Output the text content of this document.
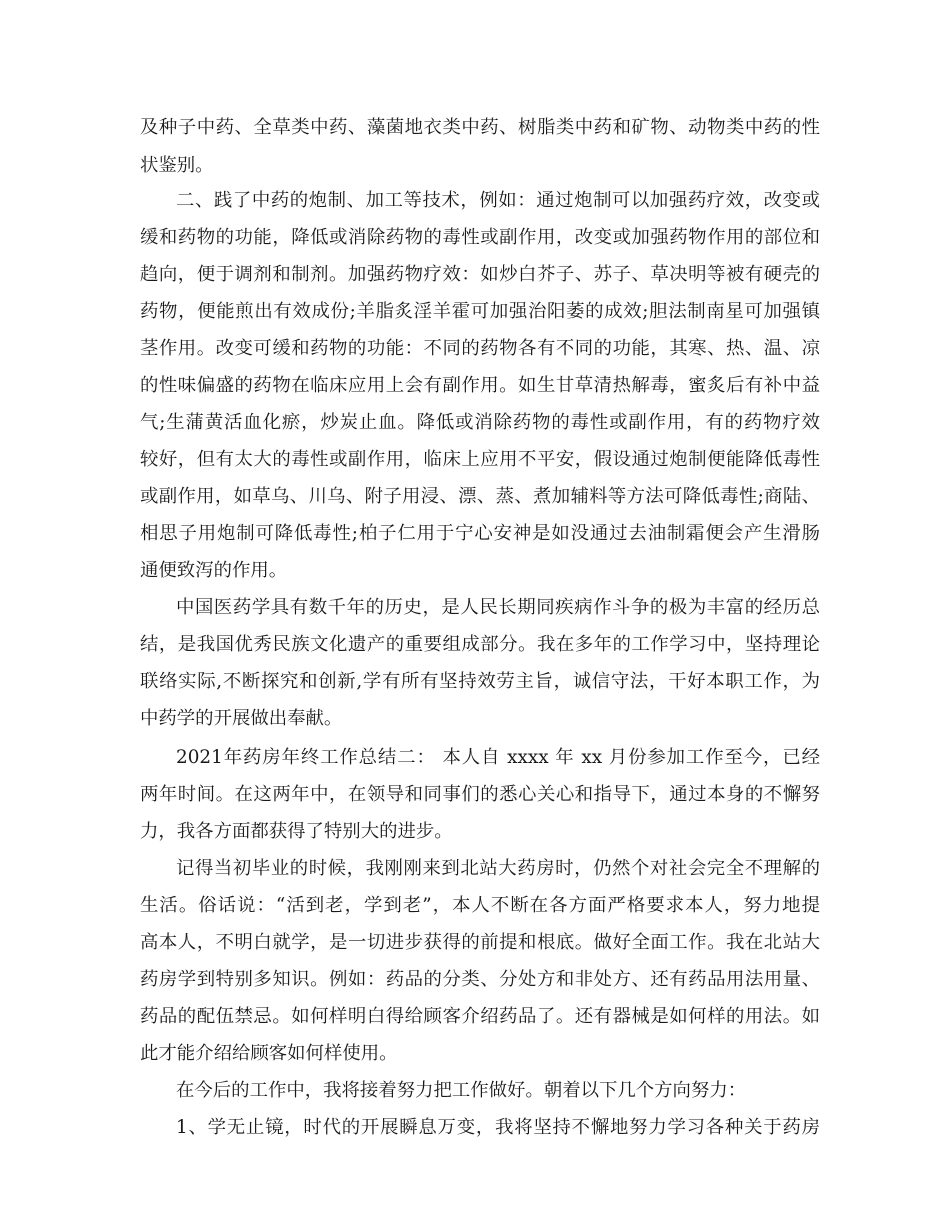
及种子中药、全草类中药、藻菌地衣类中药、树脂类中药和矿物、动物类中药的性
状鉴别。
二、践了中药的炮制、加工等技术，例如：通过炮制可以加强药疗效，改变或
缓和药物的功能，降低或消除药物的毒性或副作用，改变或加强药物作用的部位和
趋向，便于调剂和制剂。加强药物疗效：如炒白芥子、苏子、草决明等被有硬壳的
药物，便能煎出有效成份;羊脂炙淫羊霍可加强治阳萎的成效;胆法制南星可加强镇
茎作用。改变可缓和药物的功能：不同的药物各有不同的功能，其寒、热、温、凉
的性味偏盛的药物在临床应用上会有副作用。如生甘草清热解毒，蜜炙后有补中益
气;生蒲黄活血化瘀，炒炭止血。降低或消除药物的毒性或副作用，有的药物疗效
较好，但有太大的毒性或副作用，临床上应用不平安，假设通过炮制便能降低毒性
或副作用，如草乌、川乌、附子用浸、漂、蒸、煮加辅料等方法可降低毒性;商陆、
相思子用炮制可降低毒性;柏子仁用于宁心安神是如没通过去油制霜便会产生滑肠
通便致泻的作用。
中国医药学具有数千年的历史，是人民长期同疾病作斗争的极为丰富的经历总
结，是我国优秀民族文化遗产的重要组成部分。我在多年的工作学习中，坚持理论
联络实际,不断探究和创新,学有所有坚持效劳主旨，诚信守法，干好本职工作，为
中药学的开展做出奉献。
2021年药房年终工作总结二： 本人自 xxxx 年 xx 月份参加工作至今，已经
两年时间。在这两年中，在领导和同事们的悉心关心和指导下，通过本身的不懈努
力，我各方面都获得了特别大的进步。
记得当初毕业的时候，我刚刚来到北站大药房时，仍然个对社会完全不理解的
生活。俗话说：“活到老，学到老”，本人不断在各方面严格要求本人，努力地提
高本人，不明白就学，是一切进步获得的前提和根底。做好全面工作。我在北站大
药房学到特别多知识。例如：药品的分类、分处方和非处方、还有药品用法用量、
药品的配伍禁忌。如何样明白得给顾客介绍药品了。还有器械是如何样的用法。如
此才能介绍给顾客如何样使用。
在今后的工作中，我将接着努力把工作做好。朝着以下几个方向努力：
1、学无止镜，时代的开展瞬息万变，我将坚持不懈地努力学习各种关于药房
